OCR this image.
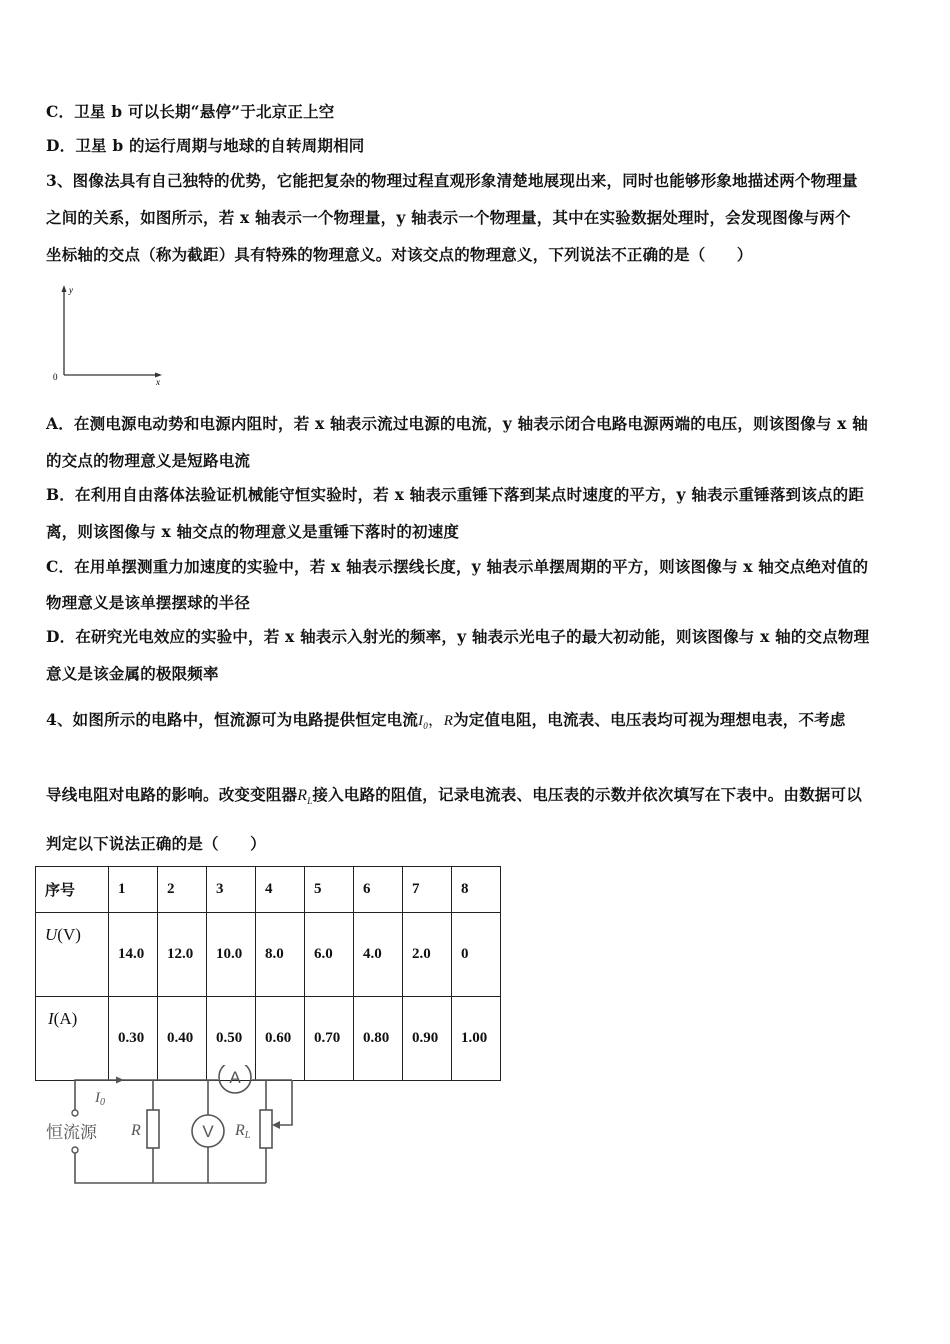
C．卫星 b 可以长期“悬停”于北京正上空
D．卫星 b 的运行周期与地球的自转周期相同
3、图像法具有自己独特的优势，它能把复杂的物理过程直观形象清楚地展现出来，同时也能够形象地描述两个物理量
之间的关系，如图所示，若 x 轴表示一个物理量，y 轴表示一个物理量，其中在实验数据处理时，会发现图像与两个
坐标轴的交点（称为截距）具有特殊的物理意义。对该交点的物理意义，下列说法不正确的是（　　）
y
x
0
A．在测电源电动势和电源内阻时，若 x 轴表示流过电源的电流，y 轴表示闭合电路电源两端的电压，则该图像与 x 轴
的交点的物理意义是短路电流
B．在利用自由落体法验证机械能守恒实验时，若 x 轴表示重锤下落到某点时速度的平方，y 轴表示重锤落到该点的距
离，则该图像与 x 轴交点的物理意义是重锤下落时的初速度
C．在用单摆测重力加速度的实验中，若 x 轴表示摆线长度，y 轴表示单摆周期的平方，则该图像与 x 轴交点绝对值的
物理意义是该单摆摆球的半径
D．在研究光电效应的实验中，若 x 轴表示入射光的频率，y 轴表示光电子的最大初动能，则该图像与 x 轴的交点物理
意义是该金属的极限频率
4、如图所示的电路中，恒流源可为电路提供恒定电流$I_0$，R为定值电阻，电流表、电压表均可视为理想电表，不考虑
导线电阻对电路的影响。改变变阻器$R_L$接入电路的阻值，记录电流表、电压表的示数并依次填写在下表中。由数据可以
判定以下说法正确的是（　　）
序号	1	2	3	4	5	6	7	8
U(V)	14.0	12.0	10.0	8.0	6.0	4.0	2.0	0
I(A)	0.30	0.40	0.50	0.60	0.70	0.80	0.90	1.00
恒流源
$I_0$
R	RL
A
V
